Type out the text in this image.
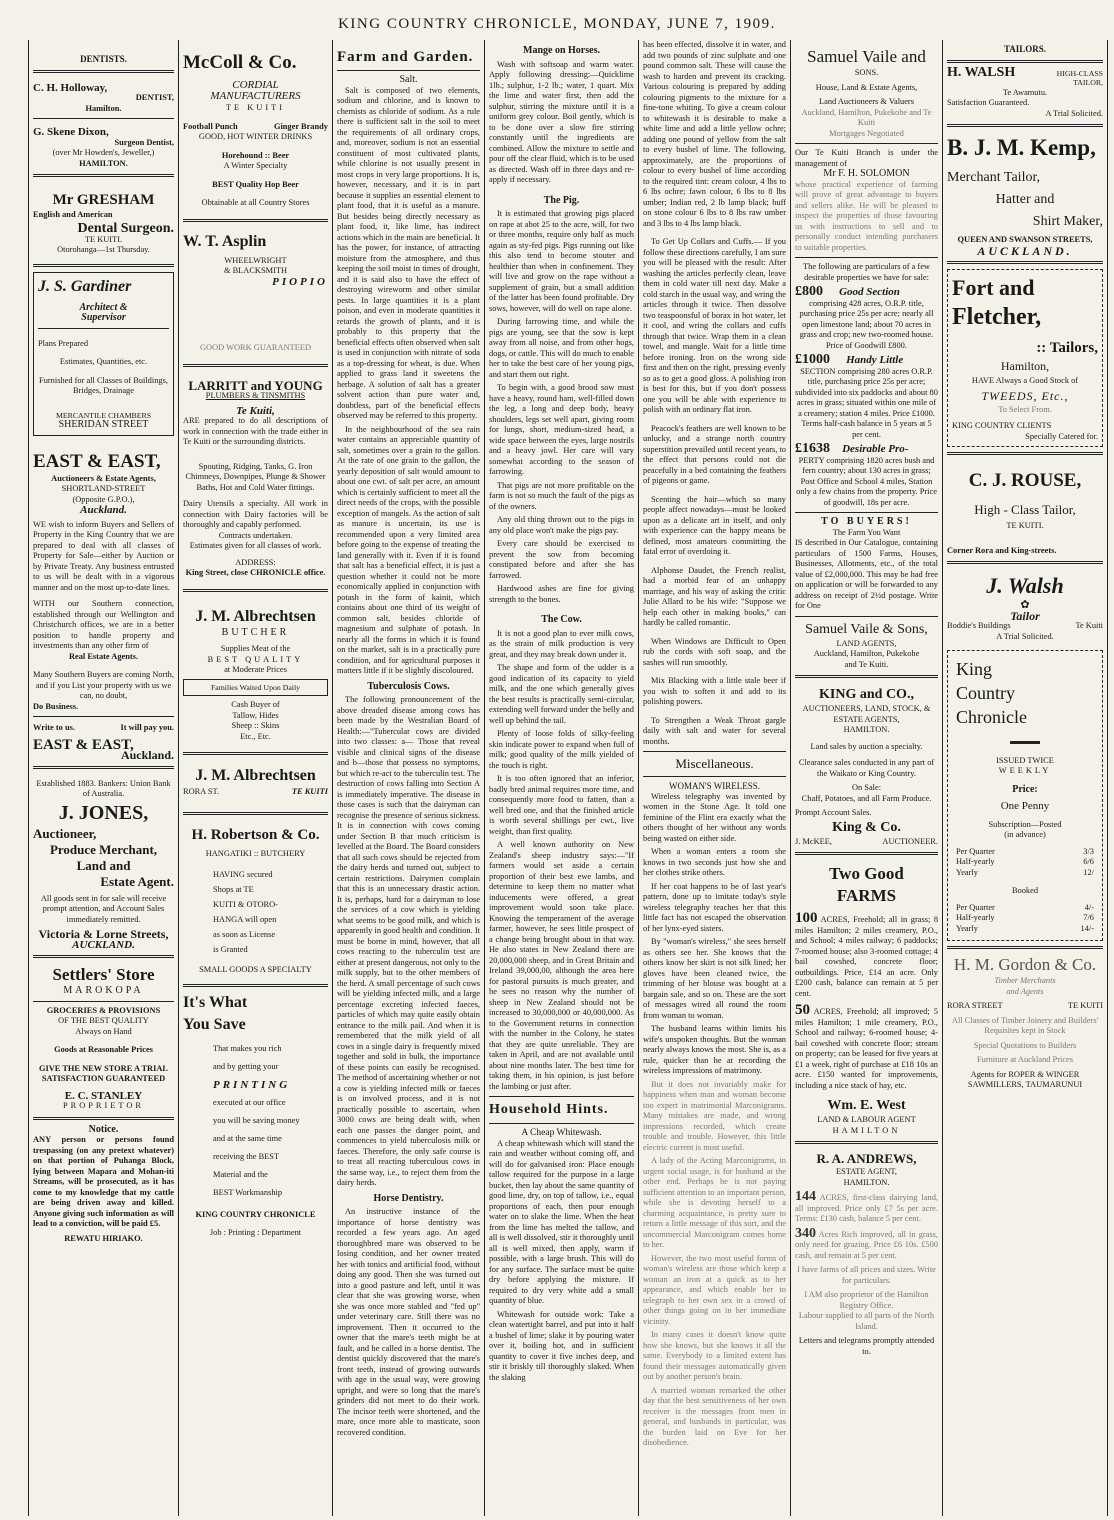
KING COUNTRY CHRONICLE, MONDAY, JUNE 7, 1909.
DENTISTS.
C. H. Holloway,
DENTIST,
Hamilton.
G. Skene Dixon,
Surgeon Dentist,
(over Mr Howden's, Jeweller,)
HAMILTON.
Mr GRESHAM
English and American
Dental Surgeon.
TE KUITI.
Otorohanga—1st Thursday.
J. S. Gardiner
Architect &
Supervisor
Plans Prepared
Estimates, Quantities, etc.
Furnished for all Classes of Buildings, Bridges, Drainage
MERCANTILE CHAMBERS
SHERIDAN STREET
EAST & EAST,
Auctioneers & Estate Agents,
SHORTLAND-STREET
(Opposite G.P.O.),
Auckland.
WE wish to inform Buyers and Sellers of Property in the King Country that we are prepared to deal with all classes of Property for Sale—either by Auction or by Private Treaty. Any business entrusted to us will be dealt with in a vigorous manner and on the most up-to-date lines.
WITH our Southern connection, established through our Wellington and Christchurch offices, we are in a better position to handle property and investments than any other firm of
Real Estate Agents.
Many Southern Buyers are coming North, and if you List your property with us we can, no doubt,
Do Business.
Write to us.	It will pay you.
EAST & EAST,
Auckland.
Established 1883. Bankers: Union Bank of Australia.
J. JONES,
Auctioneer,
Produce Merchant,
Land and
Estate Agent.
All goods sent in for sale will receive prompt attention, and Account Sales immediately remitted.
Victoria & Lorne Streets,
AUCKLAND.
Settlers' Store
MAROKOPA
GROCERIES & PROVISIONS
OF THE BEST QUALITY
Always on Hand
Goods at Reasonable Prices
GIVE THE NEW STORE A TRIAL
SATISFACTION GUARANTEED
E. C. STANLEY
PROPRIETOR
Notice.
ANY person or persons found trespassing (on any pretext whatever) on that portion of Puhanga Block, lying between Mapara and Mohan-iti Streams, will be prosecuted, as it has come to my knowledge that my cattle are being driven away and killed. Anyone giving such information as will lead to a conviction, will be paid £5.
REWATU HIRIAKO.
McColl & Co.
CORDIAL
MANUFACTURERS
TE KUITI
Football Punch	Ginger Brandy
GOOD, HOT WINTER DRINKS
Horehound :: Beer
A Winter Specialty
BEST Quality Hop Beer
Obtainable at all Country Stores
W. T. Asplin
WHEELWRIGHT
& BLACKSMITH
PIOPIO
GOOD WORK GUARANTEED
LARRITT and YOUNG
PLUMBERS & TINSMITHS
Te Kuiti,
ARE prepared to do all descriptions of work in connection with the trade either in Te Kuiti or the surrounding districts.
Spouting, Ridging, Tanks, G. Iron Chimneys, Downpipes, Plunge & Shower Baths, Hot and Cold Water fittings.
Dairy Utensils a specialty. All work in connection with Dairy factories will be thoroughly and capably performed.
Contracts undertaken.
Estimates given for all classes of work.
ADDRESS:
King Street, close CHRONICLE office.
J. M. Albrechtsen
BUTCHER
Supplies Meat of the
BEST QUALITY
at Moderate Prices
Families Waited Upon Daily
Cash Buyer of
Tallow, Hides
Sheep :: Skins
Etc., Etc.
J. M. Albrechtsen
RORA ST.	TE KUITI
H. Robertson & Co.
HANGATIKI :: BUTCHERY
HAVING secured
Shops at TE
KUITI & OTORO-
HANGA will open
as soon as License
is Granted
SMALL GOODS A SPECIALTY
It's What
You Save
That makes you rich
and by getting your
PRINTING
executed at our office
you will be saving money
and at the same time
receiving the BEST
Material and the
BEST Workmanship
KING COUNTRY CHRONICLE
Job : Printing : Department
Farm and Garden.
Salt.
Salt is composed of two elements, sodium and chlorine, and is known to chemists as chloride of sodium. As a rule there is sufficient salt in the soil to meet the requirements of all ordinary crops, and, moreover, sodium is not an essential constituent of most cultivated plants, while chlorine is not usually present in most crops in very large proportions. It is, however, necessary, and it is in part because it supplies an essential element to plant food, that it is useful as a manure. But besides being directly necessary as plant food, it, like lime, has indirect actions which in the main are beneficial. It has the power, for instance, of attracting moisture from the atmosphere, and thus keeping the soil moist in times of drought, and it is said also to have the effect of destroying wireworm and other similar pests. In large quantities it is a plant poison, and even in moderate quantities it retards the growth of plants, and it is probably to this property that the beneficial effects often observed when salt is used in conjunction with nitrate of soda as a top-dressing for wheat, is due. When applied to grass land it sweetens the herbage. A solution of salt has a greater solvent action than pure water and, doubtless, part of the beneficial effects observed may be referred to this property.
In the neighbourhood of the sea rain water contains an appreciable quantity of salt, sometimes over a grain to the gallon. At the rate of one grain to the gallon, the yearly deposition of salt would amount to about one cwt. of salt per acre, an amount which is certainly sufficient to meet all the direct needs of the crops, with the possible exception of mangels. As the action of salt as manure is uncertain, its use is recommended upon a very limited area before going to the expense of treating the land generally with it. Even if it is found that salt has a beneficial effect, it is just a question whether it could not be more economically applied in conjunction with potash in the form of kainit, which contains about one third of its weight of common salt, besides chloride of magnesium and sulphate of potash. In nearly all the forms in which it is found on the market, salt is in a practically pure condition, and for agricultural purposes it matters little if it be slightly discoloured.
Tuberculosis Cows.
The following pronouncement of the above dreaded disease among cows has been made by the Westralian Board of Health:—"Tubercular cows are divided into two classes: a— Those that reveal visible and clinical signs of the disease and b—those that possess no symptoms, but which re-act to the tuberculin test. The destruction of cows falling into Section A is immediately imperative. The disease in those cases is such that the dairyman can recognise the presence of serious sickness. It is in connection with cows coming under Section B that much criticism is levelled at the Board. The Board considers that all such cows should be rejected from the dairy herds and turned out, subject to certain restrictions. Dairymen complain that this is an unnecessary drastic action. It is, perhaps, hard for a dairyman to lose the services of a cow which is yielding what seems to be good milk, and which is apparently in good health and condition. It must be borne in mind, however, that all cows reacting to the tuberculin test are either at present dangerous, not only to the milk supply, but to the other members of the herd. A small percentage of such cows will be yielding infected milk, and a large percentage excreting infected faeces, particles of which may quite easily obtain entrance to the milk pail. And when it is remembered that the milk yield of all cows in a single dairy is frequently mixed together and sold in bulk, the importance of these points can easily be recognised. The method of ascertaining whether or not a cow is yielding infected milk or faeces is on involved process, and it is not practically possible to ascertain, when 3000 cows are being dealt with, when each one passes the danger point, and commences to yield tuberculosis milk or faeces. Therefore, the only safe course is to treat all reacting tuberculous cows in the same way, i.e., to reject them from the dairy herds.
Horse Dentistry.
An instructive instance of the importance of horse dentistry was recorded a few years ago. An aged thoroughbred mare was observed to be losing condition, and her owner treated her with tonics and artificial food, without doing any good. Then she was turned out into a good pasture and left, until it was clear that she was growing worse, when she was once more stabled and "fed up" under veterinary care. Still there was no improvement. Then it occurred to the owner that the mare's teeth might be at fault, and he called in a horse dentist. The dentist quickly discovered that the mare's front teeth, instead of growing outwards with age in the usual way, were growing upright, and were so long that the mare's grinders did not meet to do their work. The incisor teeth were shortened, and the mare, once more able to masticate, soon recovered condition.
Mange on Horses.
Wash with softsoap and warm water. Apply following dressing:—Quicklime 1lb.; sulphur, 1-2 lb.; water, 1 quart. Mix the lime and water first, then add the sulphur, stirring the mixture until it is a uniform grey colour. Boil gently, which is to be done over a slow fire stirring constantly until the ingredients are combined. Allow the mixture to settle and pour off the clear fluid, which is to be used as directed. Wash off in three days and re-apply if necessary.
The Pig.
It is estimated that growing pigs placed on rape at abot 25 to the acre, will, for two or three months, require only half as much again as sty-fed pigs. Pigs running out like this also tend to become stouter and healthier than when in confinement. They will live and grow on the rape without a supplement of grain, but a small addition of the latter has been found profitable. Dry sows, however, will do well on rape alone.
During farrowing time, and while the pigs are young, see that the sow is kept away from all noise, and from other hogs, dogs, or cattle. This will do much to enable her to take the best care of her young pigs, and start them out right.
To begin with, a good brood sow must have a heavy, round ham, well-filled down the leg, a long and deep body, heavy shoulders, legs set well apart, giving room for lungs, short, medium-sized head, a wide space between the eyes, large nostrils and a heavy jowl. Her care will vary somewhat according to the season of farrowing.
That pigs are not more profitable on the farm is not so much the fault of the pigs as of the owners.
Any old thing thrown out to the pigs in any old place won't make the pigs pay.
Every care should be exercised to prevent the sow from becoming constipated before and after she has farrowed.
Hardwood ashes are fine for giving strength to the bones.
The Cow.
It is not a good plan to ever milk cows, as the strain of milk production is very great, and they may break down under it.
The shape and form of the udder is a good indication of its capacity to yield milk, and the one which generally gives the best results is practically semi-circular, extending well forward under the belly and well up behind the tail.
Plenty of loose folds of silky-feeling skin indicate power to expand when full of milk; good quality of the milk yielded of the touch is right.
It is too often ignored that an inferior, badly bred animal requires more time, and consequently more food to fatten, than a well bred one, and that the finished article is worth several shillings per cwt., live weight, than first quality.
A well known authority on New Zealand's sheep industry says:—"If farmers would set aside a certain proportion of their best ewe lambs, and determine to keep them no matter what inducements were offered, a great improvement would soon take place. Knowing the temperament of the average farmer, however, he sees little prospect of a change being brought about in that way. He also states in New Zealand there are 20,000,000 sheep, and in Great Britain and Ireland 39,000,00, although the area here for pastoral pursuits is much greater, and he sees no reason why the number of sheep in New Zealand should not be increased to 30,000,000 or 40,000,000. As to the Government returns in connection with the number in the Colony, he states that they are quite unreliable. They are taken in April, and are not available until about nine months later. The best time for taking them, in his opinion, is just before the lambing or just after.
Household Hints.
A Cheap Whitewash.
A cheap whitewash which will stand the rain and weather without coming off, and will do for galvanised iron: Place enough tallow required for the purpose in a large bucket, then lay about the same quantity of good lime, dry, on top of tallow, i.e., equal proportions of each, then pour enough water on to slake the lime. When the heat from the lime has melted the tallow, and all is well dissolved, stir it thoroughly until all is well mixed, then apply, warm if possible, with a large brush. This will do for any surface. The surface must be quite dry before applying the mixture. If required to dry very white add a small quantity of blue.
Whitewash for outside work: Take a clean watertight barrel, and put into it half a bushel of lime; slake it by pouring water over it, boiling hot, and in sufficient quantity to cover it five inches deep, and stir it briskly till thoroughly slaked. When the slaking
has been effected, dissolve it in water, and add two pounds of zinc sulphate and one pound common salt. These will cause the wash to harden and prevent its cracking. Various colouring is prepared by adding colouring pigments to the mixture for a fine-tone whiting. To give a cream colour to whitewash it is desirable to make a white lime and add a little yellow ochre; adding one pound of yellow from the salt to every bushel of lime. The following, approximately, are the proportions of colour to every bushel of lime according to the required tint: cream colour, 4 lbs to 6 lbs ochre; fawn colour, 6 lbs to 8 lbs umber; Indian red, 2 lb lamp black; buff on stone colour 6 lbs to 8 lbs raw umber and 3 lbs to 4 lbs lamp black.
To Get Up Collars and Cuffs.— If you follow these directions carefully, I am sure you will be pleased with the result: After washing the articles perfectly clean, leave them in cold water till next day. Make a cold starch in the usual way, and wring the articles through it twice. Then dissolve two teaspoonsful of borax in hot water, let it cool, and wring the collars and cuffs through that twice. Wrap them in a clean towel, and mangle. Wait for a little time before ironing. Iron on the wrong side first and then on the right, pressing evenly so as to get a good gloss. A polishing iron is best for this, but if you don't possess one you will be able with experience to polish with an ordinary flat iron.
Peacock's feathers are well known to be unlucky, and a strange north country superstition prevailed until recent years, to the effect that persons could not die peacefully in a bed containing the feathers of pigeons or game.
Scenting the hair—which so many people affect nowadays—must be looked upon as a delicate art in itself, and only with experience can the happy means be defined, most amateurs committing the fatal error of overdoing it.
Alphonse Daudet, the French realist, had a morbid fear of an unhappy marriage, and his way of asking the critic Julie Allard to be his wife: "Suppose we help each other in making books," can hardly be called romantic.
When Windows are Difficult to Open rub the cords with soft soap, and the sashes will run smoothly.
Mix Blacking with a little stale beer if you wish to soften it and add to its polishing powers.
To Strengthen a Weak Throat gargle daily with salt and water for several months.
Miscellaneous.
WOMAN'S WIRELESS.
Wireless telegraphy was invented by women in the Stone Age. It told one feminine of the Flint era exactly what the others thought of her without any words being wasted on either side.
When a woman enters a room she knows in two seconds just how she and her clothes strike others.
If her coat happens to be of last year's pattern, done up to imitate today's style wireless telegraphy teaches her that this little fact has not escaped the observation of her lynx-eyed sisters.
By "woman's wireless," she sees herself as others see her. She knows that the others know her skirt is not silk lined; her gloves have been cleaned twice, the trimming of her blouse was bought at a bargain sale, and so on. These are the sort of messages wired all round the room from woman to woman.
The husband learns within limits his wife's unspoken thoughts. But the woman nearly always knows the most. She is, as a rule, quicker than he at recording the wireless impressions of matrimony.
But it does not invariably make for happiness when man and woman become too expert in matrimonial Marconigrams. Many mistakes are made, and wrong impressions recorded, which create trouble and trouble. However, this little electric current is most useful.
A lady of the Acting Marconigrams, in urgent social usage, is for husband at the other end. Perhaps he is not paying sufficient attention to an important person, while she is devoting herself to a charming acquaintance, is pretty sure to return a little message of this sort, and the uncommercial Marconigram comes home to her.
However, the two most useful forms of woman's wireless are those which keep a woman an iron at a quick as to her appearance, and which enable her to telegraph to her own sex in a crowd of other things going on in her immediate vicinity.
In many cases it doesn't know quite how she knows, but she knows it all the same. Everybody to a limited extent has found their messages automatically given out by another person's brain.
A married woman remarked the other day that the best sensitiveness of her own receiver is the messages from men in general, and husbands in particular, was the burden laid on Eve for her disobedience.
Samuel Vaile and
SONS.
House, Land & Estate Agents,
Land Auctioneers & Valuers
Auckland, Hamilton, Pukekohe and Te Kuiti
Mortgages Negotiated
Our Te Kuiti Branch is under the management of
Mr F. H. SOLOMON
whose practical experience of farming will prove of great advantage to buyers and sellers alike. He will be pleased to inspect the properties of those favouring us with instructions to sell and to personally conduct intending purchasers to suitable properties.
The following are particulars of a few desirable properties we have for sale:
£800 Good Section
comprising 428 acres, O.R.P. title, purchasing price 25s per acre; nearly all open limestone land; about 70 acres in grass and crop; new two-roomed house. Price of Goodwill £800.
£1000 Handy Little
SECTION comprising 280 acres O.R.P. title, purchasing price 25s per acre; subdivided into six paddocks and about 80 acres in grass; situated within one mile of a creamery; station 4 miles. Price £1000. Terms half-cash balance in 5 years at 5 per cent.
£1638 Desirable Pro-
PERTY comprising 1820 acres bush and fern country; about 130 acres in grass; Post Office and School 4 miles, Station only a few chains from the property. Price of goodwill, 18s per acre.
TO BUYERS!
The Farm You Want
IS described in Our Catalogue, containing particulars of 1500 Farms, Houses, Businesses, Allotments, etc., of the total value of £2,000,000. This may be had free on application or will be forwarded to any address on receipt of 2½d postage. Write for One
Samuel Vaile & Sons,
LAND AGENTS,
Auckland, Hamilton, Pukekohe
and Te Kuiti.
KING and CO.,
AUCTIONEERS, LAND, STOCK, & ESTATE AGENTS,
HAMILTON.
Land sales by auction a specialty.
Clearance sales conducted in any part of the Waikato or King Country.
On Sale:
Chaff, Potatoes, and all Farm Produce.
Prompt Account Sales.
King & Co.
J. McKEE,	AUCTIONEER.
Two Good
FARMS
100 ACRES, Freehold; all in grass; 8 miles Hamilton; 2 miles creamery, P.O., and School; 4 miles railway; 6 paddocks; 7-roomed house; also 3-roomed cottage; 4 bail cowshed, concrete floor; outbuildings. Price, £14 an acre. Only £200 cash, balance can remain at 5 per cent.
50 ACRES, Freehold; all improved; 5 miles Hamilton; 1 mile creamery, P.O., School and railway; 6-roomed house; 4-bail cowshed with concrete floor; stream on property; can be leased for five years at £1 a week, right of purchase at £18 10s an acre. £150 wanted for improvements, including a nice stack of hay, etc.
Wm. E. West
LAND & LABOUR AGENT
HAMILTON
R. A. ANDREWS,
ESTATE AGENT,
HAMILTON.
144 ACRES, first-class dairying land, all improved. Price only £7 5s per acre. Terms: £130 cash, balance 5 per cent.
340 Acres Rich improved, all in grass, only need for grazing. Price £6 10s. £500 cash, and remain at 5 per cent.
I have farms of all prices and sizes. Write for particulars.
I AM also proprietor of the Hamilton Registry Office.
Labour supplied to all parts of the North Island.
Letters and telegrams promptly attended to.
TAILORS.
H. WALSH	HIGH-CLASS TAILOR,
Te Awamutu.
Satisfaction Guaranteed.
A Trial Solicited.
B. J. M. Kemp,
Merchant Tailor,
Hatter and
Shirt Maker,
QUEEN AND SWANSON STREETS,
AUCKLAND.
Fort and
Fletcher,
:: Tailors,
Hamilton,
HAVE Always a Good Stock of
TWEEDS, Etc.,
To Select From.
KING COUNTRY CLIENTS
Specially Catered for.
C. J. ROUSE,
High - Class Tailor,
TE KUITI.
Corner Rora and King-streets.
J. Walsh
✿
Tailor
Boddie's Buildings	Te Kuiti
A Trial Solicited.
King
Country
Chronicle
ISSUED TWICE
WEEKLY
Price:
One Penny
Subscription—Posted
(in advance)
Per Quarter	3/3
Half-yearly	6/6
Yearly	12/
Booked
Per Quarter	4/-
Half-yearly	7/6
Yearly	14/-
H. M. Gordon & Co.
Timber Merchants
and Agents
RORA STREET	TE KUITI
All Classes of Timber Joinery and Builders' Requisites kept in Stock
Special Quotations to Builders
Furniture at Auckland Prices
Agents for ROPER & WINGER SAWMILLERS, TAUMARUNUI
